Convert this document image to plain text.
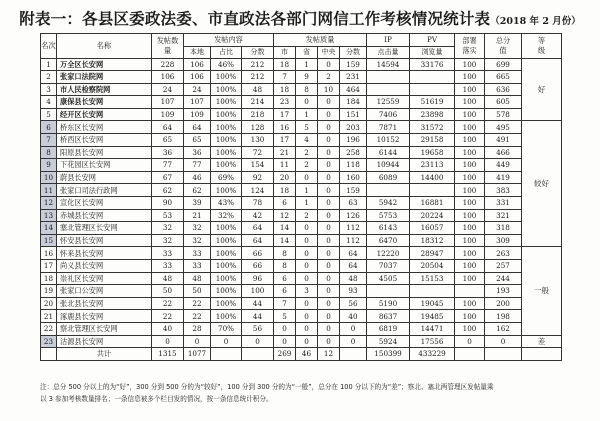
附表一：各县区委政法委、市直政法各部门网信工作考核情况统计表（2018 年 2 月份）
名次	名称	发帖数量	发帖内容			发帖质量				IP	PV	部署落实	总分值	等级
			本地	占比	分数	市	省	中央	分数	点击量	浏览量			
1	万全区长安网	228	106	46%	212	18	1	0	159	14594	33176	100	699	好
2	张家口法院网	106	106	100%	212	7	9	2	231			100	665	
3	市人民检察院网	24	24	100%	48	18	8	10	464			100	636	
4	康保县长安网	107	107	100%	214	23	0	0	184	12559	51619	100	605	
5	经开区长安网	109	109	100%	218	17	1	0	151	7406	23898	100	578	
6	桥东区长安网	64	64	100%	128	16	5	0	203	7871	31572	100	495	较好
7	桥西区长安网	65	65	100%	130	17	4	0	196	10152	29158	100	491	
8	阳原县长安网	36	36	100%	72	21	2	0	258	6144	19658	100	466	
9	下花园区长安网	77	77	100%	154	11	2	0	118	10944	23113	100	449	
10	蔚县长安网	67	46	69%	92	20	0	0	160	6089	14400	100	419	
11	张家口司法行政网	62	62	100%	124	18	1	0	159			100	383	
12	宣化区长安网	90	39	43%	78	6	1	0	63	5942	16881	100	331	
13	赤城县长安网	53	21	32%	42	12	2	0	126	5753	20224	100	321	
14	塞北管理区长安网	32	32	100%	64	14	0	0	112	6143	16057	100	318	
15	怀安县长安网	32	32	100%	64	14	0	0	112	6470	18312	100	309	
16	怀来县长安网	33	33	100%	66	8	0	0	64	12220	28947	100	263	一般
17	尚义县长安网	33	33	100%	66	8	0	0	64	7037	20504	100	257	
18	崇礼区长安网	48	48	100%	96	6	0	0	48	4505	15153	100	244	
19	张家口公安网	50	50	100%	100	6	3	0	93				193	
20	张北县长安网	22	22	100%	44	7	0	0	56	5190	19045	100	200	
21	涿鹿县长安网	22	22	100%	44	5	0	0	40	8637	19485	100	198	
22	察北管理区长安网	40	28	70%	56	0	0	0	0	6819	14471	100	162	
23	沽源县长安网	0	0	0	0	0	0	0	0	5924	17556	0	0	差
	共计	1315	1077			269	46	12		150399	433229			
注：总分 500 分以上的为“好”，300 分到 500 分的为“较好”，100 分到 300 分的为“一般”，总分在 100 分以下的为“差”；察北、塞北两管理区发帖量乘
以 3 参加考核数量排名；一条信息被多个栏目发的情况，按一条信息统计积分。
